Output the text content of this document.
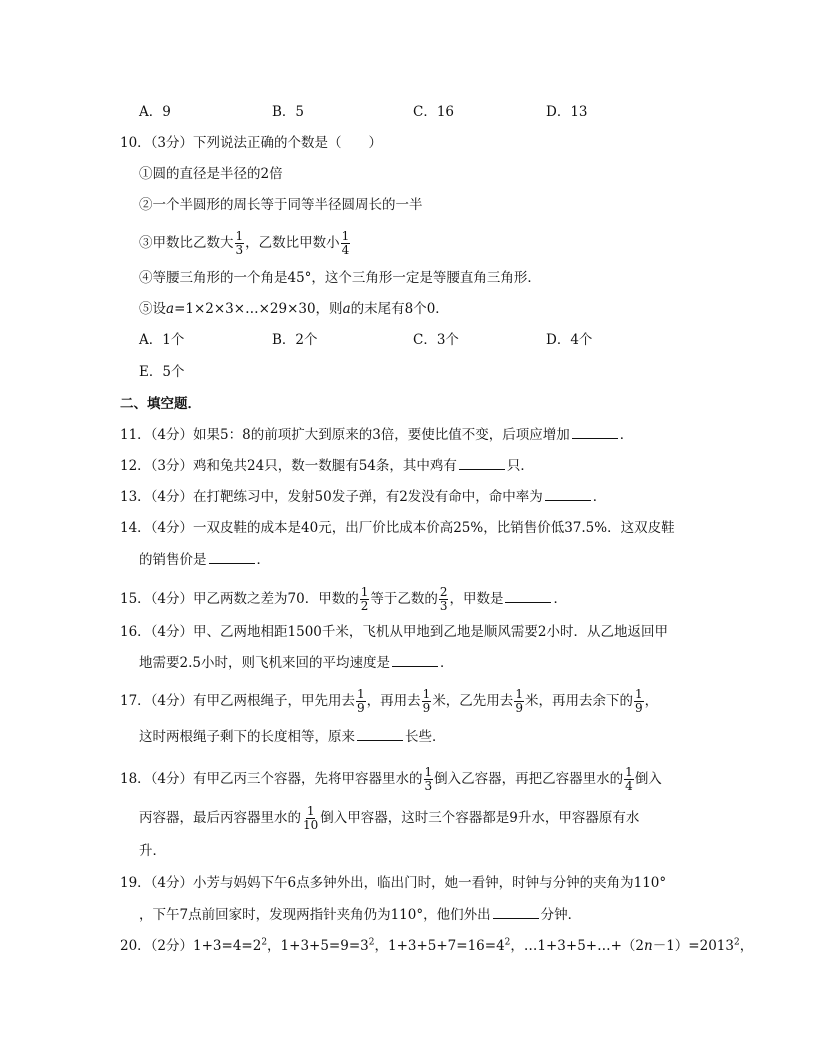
A．9	B．5	C．16	D．13
10．（3分）下列说法正确的个数是（　　）
①圆的直径是半径的2倍
②一个半圆形的周长等于同等半径圆周长的一半
③甲数比乙数大 $\frac{1}{3}$ ，乙数比甲数小 $\frac{1}{4}$
④等腰三角形的一个角是45°，这个三角形一定是等腰直角三角形．
⑤设a=1×2×3×…×29×30，则a的末尾有8个0．
A．1个	B．2个	C．3个	D．4个
E．5个
二、填空题．
11．（4分）如果5：8的前项扩大到原来的3倍，要使比值不变，后项应增加	．
12．（3分）鸡和兔共24只，数一数腿有54条，其中鸡有	只．
13．（4分）在打靶练习中，发射50发子弹，有2发没有命中，命中率为	．
14．（4分）一双皮鞋的成本是40元，出厂价比成本价高25%，比销售价低37.5%．这双皮鞋
的销售价是	．
15．（4分）甲乙两数之差为70．甲数的 $\frac{1}{2}$ 等于乙数的 $\frac{2}{3}$ ，甲数是	．
16．（4分）甲、乙两地相距1500千米，飞机从甲地到乙地是顺风需要2小时．从乙地返回甲
地需要2.5小时，则飞机来回的平均速度是	．
17．（4分）有甲乙两根绳子，甲先用去 $\frac{1}{9}$ ，再用去 $\frac{1}{9}$ 米，乙先用去 $\frac{1}{9}$ 米，再用去余下的 $\frac{1}{9}$ ，
这时两根绳子剩下的长度相等，原来	长些．
18．（4分）有甲乙丙三个容器，先将甲容器里水的 $\frac{1}{3}$ 倒入乙容器，再把乙容器里水的 $\frac{1}{4}$ 倒入
丙容器，最后丙容器里水的 $\frac{1}{10}$ 倒入甲容器，这时三个容器都是9升水，甲容器原有水
升．
19．（4分）小芳与妈妈下午6点多钟外出，临出门时，她一看钟，时钟与分钟的夹角为110°
，下午7点前回家时，发现两指针夹角仍为110°，他们外出	分钟．
20．（2分）$1+3=4=2^2$，$1+3+5=9=3^2$，$1+3+5+7=16=4^2$，$\dots 1+3+5+\dots+(2n-1)=2013^2$，
